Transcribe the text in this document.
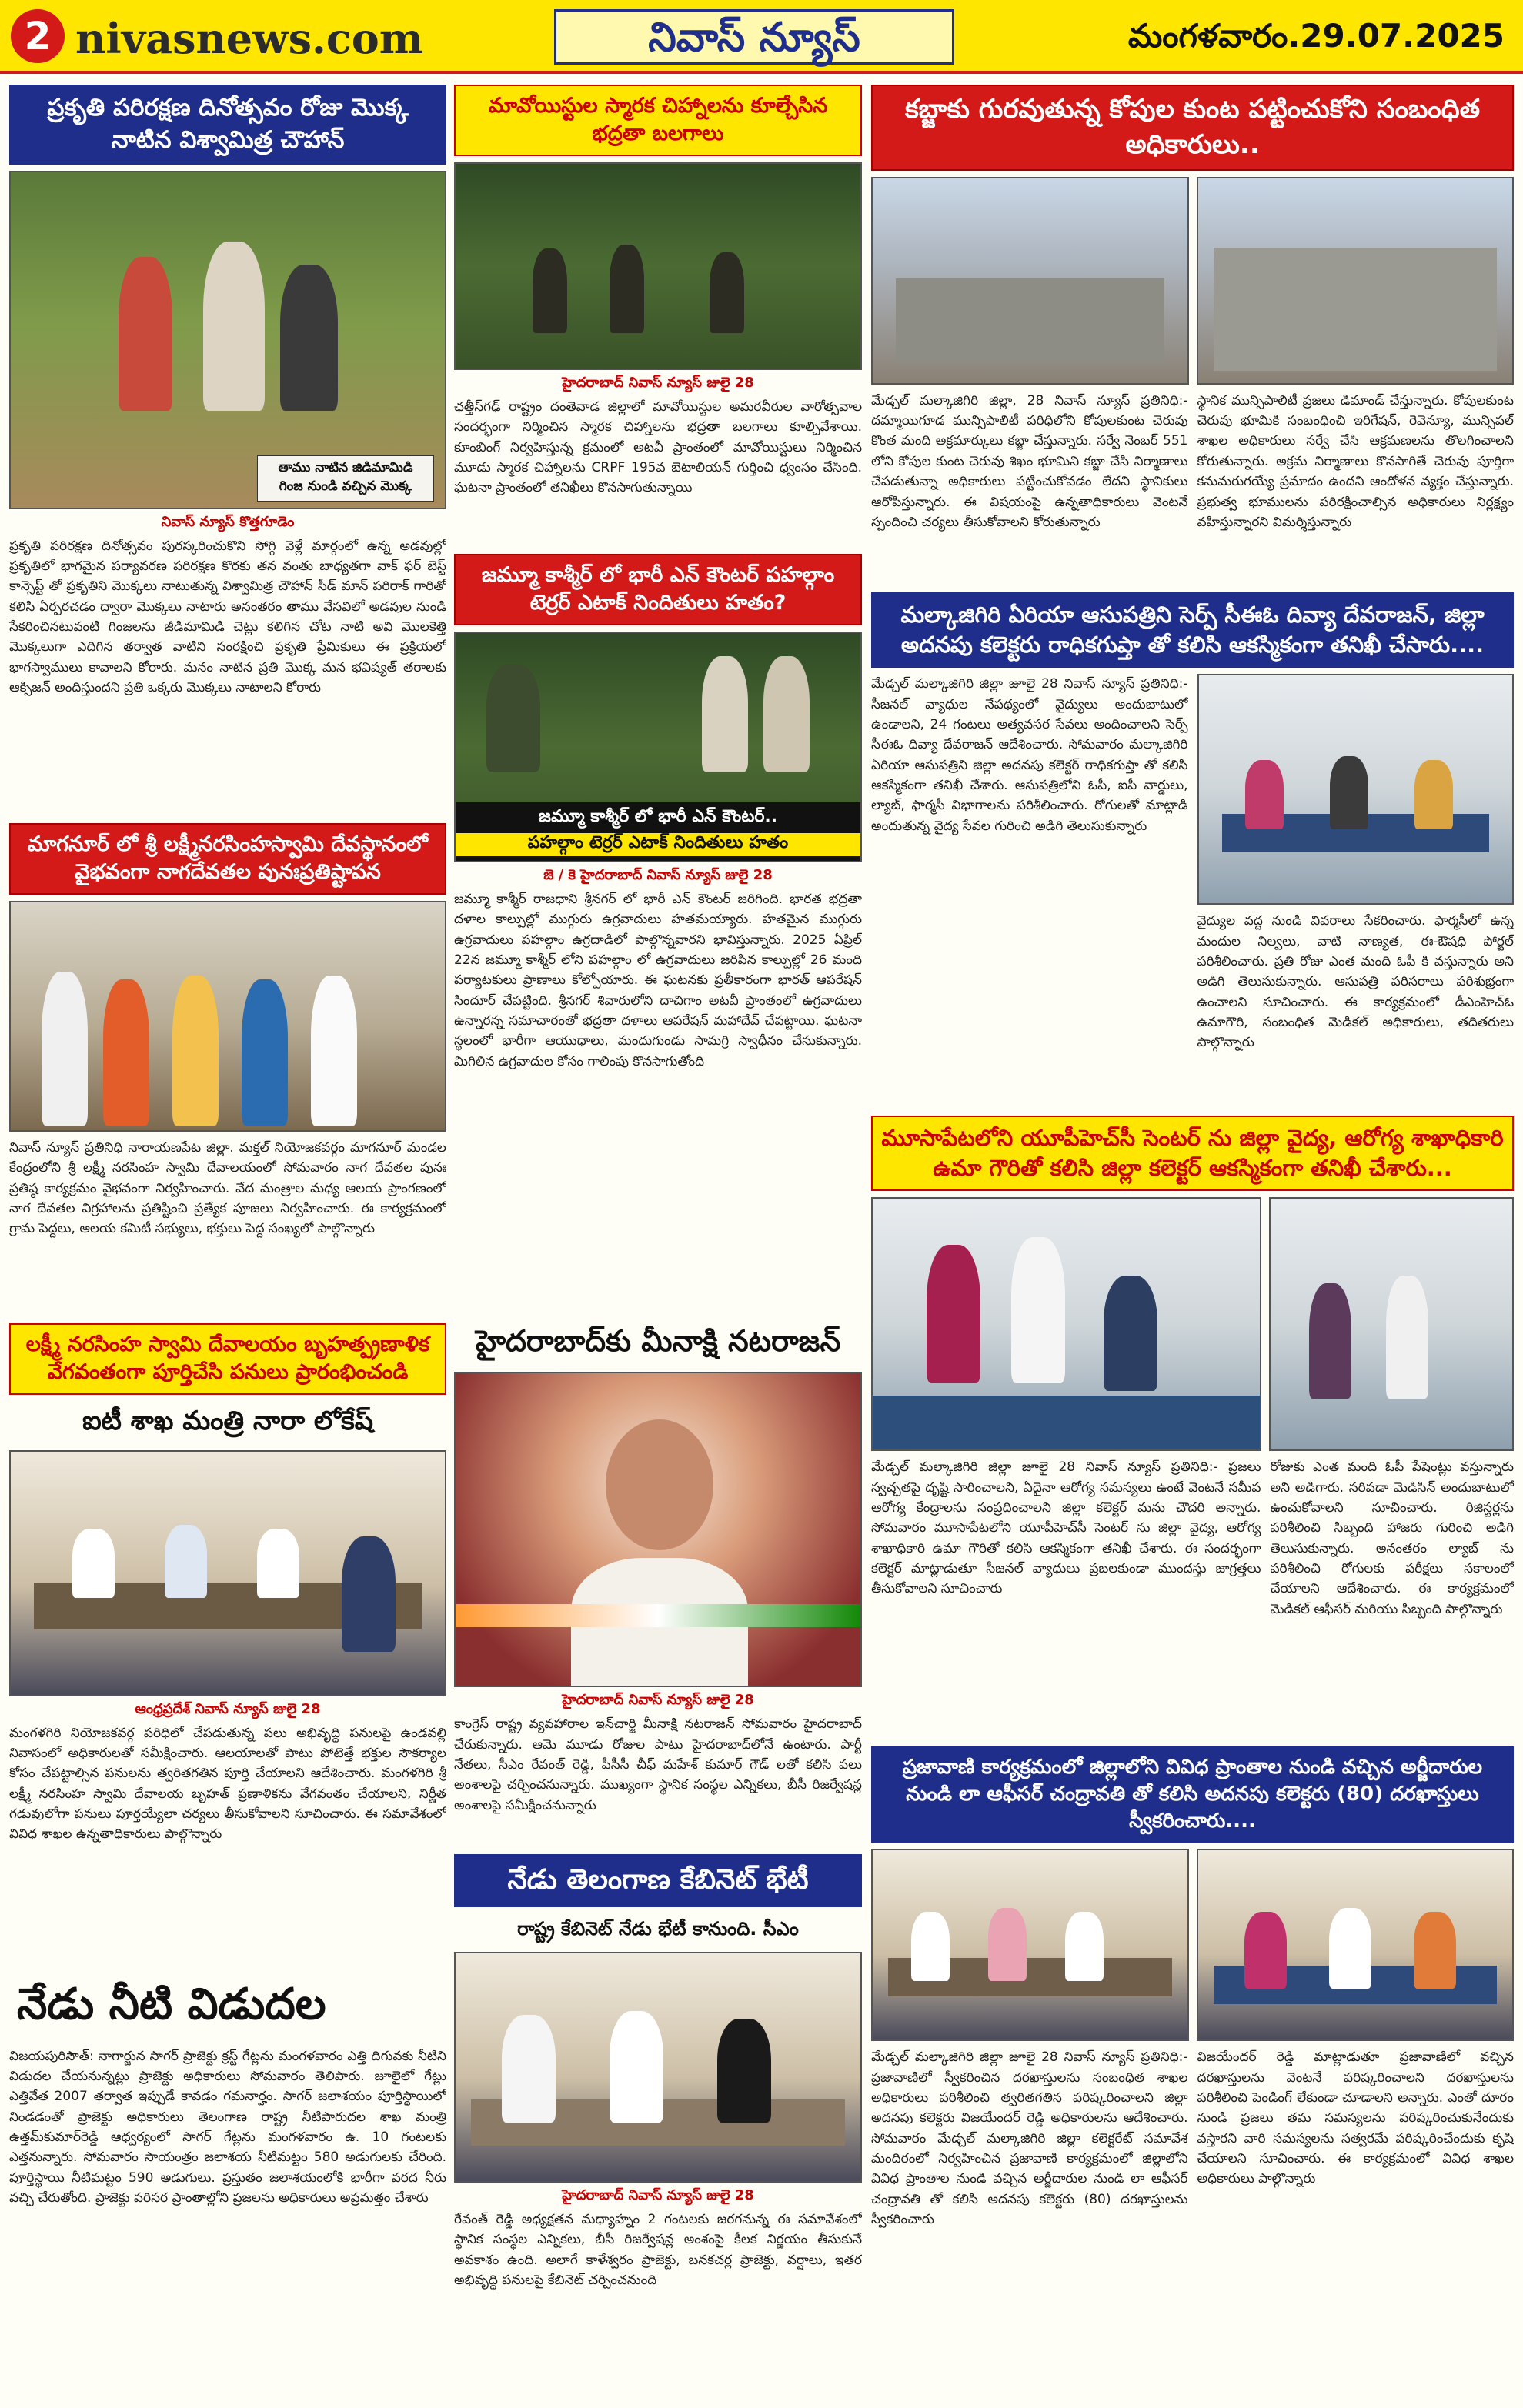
2 nivasnews.com	నివాస్ న్యూస్	మంగళవారం.29.07.2025
ప్రకృతి పరిరక్షణ దినోత్సవం రోజు మొక్క నాటిన విశ్వామిత్ర చౌహాన్
తాము నాటిన జిడిమామిడి గింజ నుండి వచ్చిన మొక్క
నివాస్ న్యూస్ కొత్తగూడెం
ప్రకృతి పరిరక్షణ దినోత్సవం పురస్కరించుకొని సోగ్గి వెళ్లే మార్గంలో ఉన్న అడవుల్లో ప్రకృతిలో భాగమైన పర్యావరణ పరిరక్షణ కొరకు తన వంతు బాధ్యతగా వాక్ ఫర్ బెస్ట్ కాన్సెప్ట్ తో ప్రకృతిని మొక్కలు నాటుతున్న విశ్వామిత్ర చౌహాన్ సీడ్ మాన్ పరిరాక్ గారితో కలిసి ఏర్పరచడం ద్వారా మొక్కలు నాటారు అనంతరం తాము వేసవిలో అడవుల నుండి సేకరించినటువంటి గింజలను జీడిమామిడి చెట్లు కలిగిన చోట నాటి అవి మొలకెత్తి మొక్కలుగా ఎదిగిన తర్వాత వాటిని సంరక్షించి ప్రకృతి ప్రేమికులు ఈ ప్రక్రియలో భాగస్వాములు కావాలని కోరారు. మనం నాటిన ప్రతి మొక్క మన భవిష్యత్ తరాలకు ఆక్సిజన్ అందిస్తుందని ప్రతి ఒక్కరు మొక్కలు నాటాలని కోరారు
మాగనూర్ లో శ్రీ లక్ష్మీనరసింహస్వామి దేవస్థానంలో వైభవంగా నాగదేవతల పునఃప్రతిష్టాపన
నివాస్ న్యూస్ ప్రతినిధి నారాయణపేట జిల్లా. మక్తల్ నియోజకవర్గం మాగనూర్ మండల కేంద్రంలోని శ్రీ లక్ష్మీ నరసింహ స్వామి దేవాలయంలో సోమవారం నాగ దేవతల పునః ప్రతిష్ఠ కార్యక్రమం వైభవంగా నిర్వహించారు. వేద మంత్రాల మధ్య ఆలయ ప్రాంగణంలో నాగ దేవతల విగ్రహాలను ప్రతిష్టించి ప్రత్యేక పూజలు నిర్వహించారు. ఈ కార్యక్రమంలో గ్రామ పెద్దలు, ఆలయ కమిటీ సభ్యులు, భక్తులు పెద్ద సంఖ్యలో పాల్గొన్నారు
లక్ష్మీ నరసింహ స్వామి దేవాలయం బృహత్ప్రణాళిక వేగవంతంగా పూర్తిచేసి పనులు ప్రారంభించండి
ఐటీ శాఖ మంత్రి నారా లోకేష్
ఆంధ్రప్రదేశ్ నివాస్ న్యూస్ జులై 28
మంగళగిరి నియోజకవర్గ పరిధిలో చేపడుతున్న పలు అభివృద్ధి పనులపై ఉండవల్లి నివాసంలో అధికారులతో సమీక్షించారు. ఆలయాలతో పాటు పోటెత్తే భక్తుల సౌకర్యాల కోసం చేపట్టాల్సిన పనులను త్వరితగతిన పూర్తి చేయాలని ఆదేశించారు. మంగళగిరి శ్రీ లక్ష్మీ నరసింహ స్వామి దేవాలయ బృహత్ ప్రణాళికను వేగవంతం చేయాలని, నిర్ణీత గడువులోగా పనులు పూర్తయ్యేలా చర్యలు తీసుకోవాలని సూచించారు. ఈ సమావేశంలో వివిధ శాఖల ఉన్నతాధికారులు పాల్గొన్నారు
నేడు నీటి విడుదల
విజయపురిసౌత్: నాగార్జున సాగర్ ప్రాజెక్టు క్రస్ట్ గేట్లను మంగళవారం ఎత్తి దిగువకు నీటిని విడుదల చేయనున్నట్లు ప్రాజెక్టు అధికారులు సోమవారం తెలిపారు. జూలైలో గేట్లు ఎత్తివేత 2007 తర్వాత ఇప్పుడే కావడం గమనార్హం. సాగర్ జలాశయం పూర్తిస్థాయిలో నిండడంతో ప్రాజెక్టు అధికారులు తెలంగాణ రాష్ట్ర నీటిపారుదల శాఖ మంత్రి ఉత్తమ్‌కుమార్‌రెడ్డి ఆధ్వర్యంలో సాగర్ గేట్లను మంగళవారం ఉ. 10 గంటలకు ఎత్తనున్నారు. సోమవారం సాయంత్రం జలాశయ నీటిమట్టం 580 అడుగులకు చేరింది. పూర్తిస్థాయి నీటిమట్టం 590 అడుగులు. ప్రస్తుతం జలాశయంలోకి భారీగా వరద నీరు వచ్చి చేరుతోంది. ప్రాజెక్టు పరిసర ప్రాంతాల్లోని ప్రజలను అధికారులు అప్రమత్తం చేశారు
మావోయిస్టుల స్మారక చిహ్నాలను కూల్చేసిన భద్రతా బలగాలు
హైదరాబాద్ నివాస్ న్యూస్ జులై 28
ఛత్తీస్‌గఢ్ రాష్ట్రం దంతెవాడ జిల్లాలో మావోయిస్టుల అమరవీరుల వారోత్సవాల సందర్భంగా నిర్మించిన స్మారక చిహ్నాలను భద్రతా బలగాలు కూల్చివేశాయి. కూంబింగ్ నిర్వహిస్తున్న క్రమంలో అటవీ ప్రాంతంలో మావోయిస్టులు నిర్మించిన మూడు స్మారక చిహ్నాలను CRPF 195వ బెటాలియన్ గుర్తించి ధ్వంసం చేసింది. ఘటనా ప్రాంతంలో తనిఖీలు కొనసాగుతున్నాయి
జమ్మూ కాశ్మీర్ లో భారీ ఎన్ కౌంటర్ పహల్గాం టెర్రర్ ఎటాక్ నిందితులు హతం?
జమ్మూ కాశ్మీర్ లో భారీ ఎన్ కౌంటర్..
పహల్గాం టెర్రర్ ఎటాక్ నిందితులు హతం
జె / కె హైదరాబాద్ నివాస్ న్యూస్ జులై 28
జమ్మూ కాశ్మీర్ రాజధాని శ్రీనగర్ లో భారీ ఎన్ కౌంటర్ జరిగింది. భారత భద్రతా దళాల కాల్పుల్లో ముగ్గురు ఉగ్రవాదులు హతమయ్యారు. హతమైన ముగ్గురు ఉగ్రవాదులు పహల్గాం ఉగ్రదాడిలో పాల్గొన్నవారని భావిస్తున్నారు. 2025 ఏప్రిల్ 22న జమ్మూ కాశ్మీర్ లోని పహల్గాం లో ఉగ్రవాదులు జరిపిన కాల్పుల్లో 26 మంది పర్యాటకులు ప్రాణాలు కోల్పోయారు. ఈ ఘటనకు ప్రతీకారంగా భారత్ ఆపరేషన్ సిందూర్ చేపట్టింది. శ్రీనగర్ శివారులోని దాచిగాం అటవీ ప్రాంతంలో ఉగ్రవాదులు ఉన్నారన్న సమాచారంతో భద్రతా దళాలు ఆపరేషన్ మహాదేవ్ చేపట్టాయి. ఘటనా స్థలంలో భారీగా ఆయుధాలు, మందుగుండు సామగ్రి స్వాధీనం చేసుకున్నారు. మిగిలిన ఉగ్రవాదుల కోసం గాలింపు కొనసాగుతోంది
హైదరాబాద్‌కు మీనాక్షి నటరాజన్
హైదరాబాద్ నివాస్ న్యూస్ జులై 28
కాంగ్రెస్ రాష్ట్ర వ్యవహారాల ఇన్‌చార్జి మీనాక్షి నటరాజన్ సోమవారం హైదరాబాద్ చేరుకున్నారు. ఆమె మూడు రోజుల పాటు హైదరాబాద్‌లోనే ఉంటారు. పార్టీ నేతలు, సీఎం రేవంత్ రెడ్డి, పీసీసీ చీఫ్ మహేశ్ కుమార్ గౌడ్ లతో కలిసి పలు అంశాలపై చర్చించనున్నారు. ముఖ్యంగా స్థానిక సంస్థల ఎన్నికలు, బీసీ రిజర్వేషన్ల అంశాలపై సమీక్షించనున్నారు
నేడు తెలంగాణ కేబినెట్ భేటీ
రాష్ట్ర కేబినెట్ నేడు భేటీ కానుంది. సీఎం
హైదరాబాద్ నివాస్ న్యూస్ జులై 28
రేవంత్ రెడ్డి అధ్యక్షతన మధ్యాహ్నం 2 గంటలకు జరగనున్న ఈ సమావేశంలో స్థానిక సంస్థల ఎన్నికలు, బీసీ రిజర్వేషన్ల అంశంపై కీలక నిర్ణయం తీసుకునే అవకాశం ఉంది. అలాగే కాళేశ్వరం ప్రాజెక్టు, బనకచర్ల ప్రాజెక్టు, వర్షాలు, ఇతర అభివృద్ధి పనులపై కేబినెట్ చర్చించనుంది
కబ్జాకు గురవుతున్న కోపుల కుంట పట్టించుకోని సంబంధిత అధికారులు..
మేడ్చల్ మల్కాజిగిరి జిల్లా, 28 నివాస్ న్యూస్ ప్రతినిధి:- దమ్మాయిగూడ మున్సిపాలిటీ పరిధిలోని కోపులకుంట చెరువు కొంత మంది అక్రమార్కులు కబ్జా చేస్తున్నారు. సర్వే నెంబర్ 551 లోని కోపుల కుంట చెరువు శిఖం భూమిని కబ్జా చేసి నిర్మాణాలు చేపడుతున్నా అధికారులు పట్టించుకోవడం లేదని స్థానికులు ఆరోపిస్తున్నారు. ఈ విషయంపై ఉన్నతాధికారులు వెంటనే స్పందించి చర్యలు తీసుకోవాలని కోరుతున్నారు
స్థానిక మున్సిపాలిటీ ప్రజలు డిమాండ్ చేస్తున్నారు. కోపులకుంట చెరువు భూమికి సంబంధించి ఇరిగేషన్, రెవెన్యూ, మున్సిపల్ శాఖల అధికారులు సర్వే చేసి ఆక్రమణలను తొలగించాలని కోరుతున్నారు. అక్రమ నిర్మాణాలు కొనసాగితే చెరువు పూర్తిగా కనుమరుగయ్యే ప్రమాదం ఉందని ఆందోళన వ్యక్తం చేస్తున్నారు. ప్రభుత్వ భూములను పరిరక్షించాల్సిన అధికారులు నిర్లక్ష్యం వహిస్తున్నారని విమర్శిస్తున్నారు
మల్కాజిగిరి ఏరియా ఆసుపత్రిని సెర్ప్ సీఈఓ దివ్యా దేవరాజన్, జిల్లా అదనపు కలెక్టరు రాధికగుప్తా తో కలిసి ఆకస్మికంగా తనిఖీ చేసారు....
మేడ్చల్ మల్కాజిగిరి జిల్లా జూలై 28 నివాస్ న్యూస్ ప్రతినిధి:- సీజనల్ వ్యాధుల నేపథ్యంలో వైద్యులు అందుబాటులో ఉండాలని, 24 గంటలు అత్యవసర సేవలు అందించాలని సెర్ప్ సీఈఓ దివ్యా దేవరాజన్ ఆదేశించారు. సోమవారం మల్కాజిగిరి ఏరియా ఆసుపత్రిని జిల్లా అదనపు కలెక్టర్ రాధికగుప్తా తో కలిసి ఆకస్మికంగా తనిఖీ చేశారు. ఆసుపత్రిలోని ఓపీ, ఐపీ వార్డులు, ల్యాబ్, ఫార్మసీ విభాగాలను పరిశీలించారు. రోగులతో మాట్లాడి అందుతున్న వైద్య సేవల గురించి అడిగి తెలుసుకున్నారు
వైద్యుల వద్ద నుండి వివరాలు సేకరించారు. ఫార్మసీలో ఉన్న మందుల నిల్వలు, వాటి నాణ్యత, ఈ-ఔషధి పోర్టల్ పరిశీలించారు. ప్రతి రోజు ఎంత మంది ఓపీ కి వస్తున్నారు అని అడిగి తెలుసుకున్నారు. ఆసుపత్రి పరిసరాలు పరిశుభ్రంగా ఉంచాలని సూచించారు. ఈ కార్యక్రమంలో డీఎంహెచ్ఓ ఉమాగౌరి, సంబంధిత మెడికల్ అధికారులు, తదితరులు పాల్గొన్నారు
మూసాపేటలోని యూపీహెచ్‌సీ సెంటర్ ను జిల్లా వైద్య, ఆరోగ్య శాఖాధికారి ఉమా గౌరితో కలిసి జిల్లా కలెక్టర్ ఆకస్మికంగా తనిఖీ చేశారు...
మేడ్చల్ మల్కాజిగిరి జిల్లా జూలై 28 నివాస్ న్యూస్ ప్రతినిధి:- ప్రజలు స్వచ్ఛతపై దృష్టి సారించాలని, ఏదైనా ఆరోగ్య సమస్యలు ఉంటే వెంటనే సమీప ఆరోగ్య కేంద్రాలను సంప్రదించాలని జిల్లా కలెక్టర్ మను చౌదరి అన్నారు. సోమవారం మూసాపేటలోని యూపీహెచ్‌సీ సెంటర్ ను జిల్లా వైద్య, ఆరోగ్య శాఖాధికారి ఉమా గౌరితో కలిసి ఆకస్మికంగా తనిఖీ చేశారు. ఈ సందర్భంగా కలెక్టర్ మాట్లాడుతూ సీజనల్ వ్యాధులు ప్రబలకుండా ముందస్తు జాగ్రత్తలు తీసుకోవాలని సూచించారు
రోజుకు ఎంత మంది ఓపీ పేషెంట్లు వస్తున్నారు అని అడిగారు. సరిపడా మెడిసిన్ అందుబాటులో ఉంచుకోవాలని సూచించారు. రిజిస్టర్లను పరిశీలించి సిబ్బంది హాజరు గురించి అడిగి తెలుసుకున్నారు. అనంతరం ల్యాబ్ ను పరిశీలించి రోగులకు పరీక్షలు సకాలంలో చేయాలని ఆదేశించారు. ఈ కార్యక్రమంలో మెడికల్ ఆఫీసర్ మరియు సిబ్బంది పాల్గొన్నారు
ప్రజావాణి కార్యక్రమంలో జిల్లాలోని వివిధ ప్రాంతాల నుండి వచ్చిన అర్జీదారుల నుండి లా ఆఫీసర్ చంద్రావతి తో కలిసి అదనపు కలెక్టరు (80) దరఖాస్తులు స్వీకరించారు....
మేడ్చల్ మల్కాజిగిరి జిల్లా జూలై 28 నివాస్ న్యూస్ ప్రతినిధి:- ప్రజావాణిలో స్వీకరించిన దరఖాస్తులను సంబంధిత శాఖల అధికారులు పరిశీలించి త్వరితగతిన పరిష్కరించాలని జిల్లా అదనపు కలెక్టరు విజయేందర్ రెడ్డి అధికారులను ఆదేశించారు. సోమవారం మేడ్చల్ మల్కాజిగిరి జిల్లా కలెక్టరేట్ సమావేశ మందిరంలో నిర్వహించిన ప్రజావాణి కార్యక్రమంలో జిల్లాలోని వివిధ ప్రాంతాల నుండి వచ్చిన అర్జీదారుల నుండి లా ఆఫీసర్ చంద్రావతి తో కలిసి అదనపు కలెక్టరు (80) దరఖాస్తులను స్వీకరించారు
విజయేందర్ రెడ్డి మాట్లాడుతూ ప్రజావాణిలో వచ్చిన దరఖాస్తులను వెంటనే పరిష్కరించాలని దరఖాస్తులను పరిశీలించి పెండింగ్ లేకుండా చూడాలని అన్నారు. ఎంతో దూరం నుండి ప్రజలు తమ సమస్యలను పరిష్కరించుకునేందుకు వస్తారని వారి సమస్యలను సత్వరమే పరిష్కరించేందుకు కృషి చేయాలని సూచించారు. ఈ కార్యక్రమంలో వివిధ శాఖల అధికారులు పాల్గొన్నారు
